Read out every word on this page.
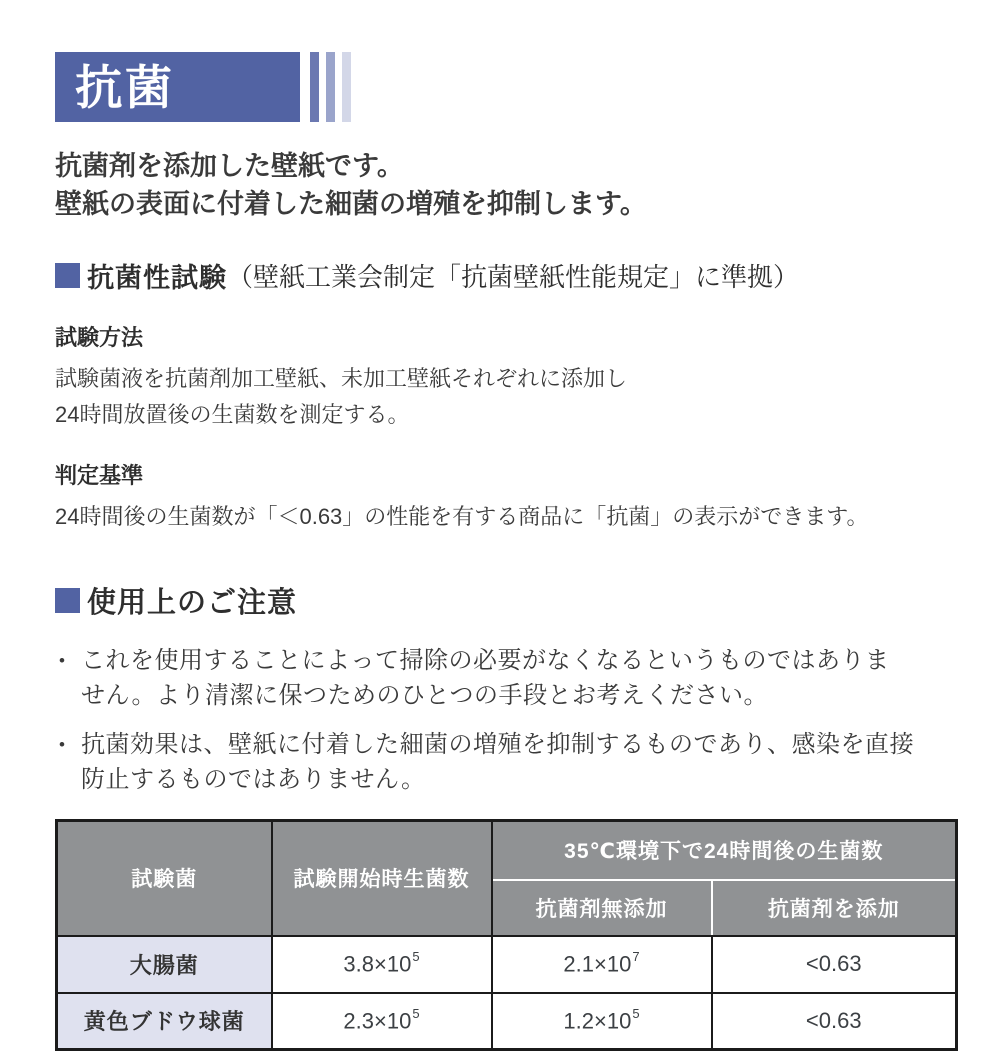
抗菌

抗菌剤を添加した壁紙です。
壁紙の表面に付着した細菌の増殖を抑制します。

抗菌性試験 （壁紙工業会制定「抗菌壁紙性能規定」に準拠）
試験方法
試験菌液を抗菌剤加工壁紙、未加工壁紙それぞれに添加し
24時間放置後の生菌数を測定する。
判定基準
24時間後の生菌数が「＜0.63」の性能を有する商品に「抗菌」の表示ができます。
使用上のご注意
• これを使用することによって掃除の必要がなくなるというものではありま
せん。より清潔に保つためのひとつの手段とお考えください。
• 抗菌効果は、壁紙に付着した細菌の増殖を抑制するものであり、感染を直接
防止するものではありません。
試験菌	試験開始時生菌数	35℃環境下で24時間後の生菌数	
		抗菌剤無添加	抗菌剤を添加
大腸菌	$3.8\times 10^5$	$2.1\times 10^7$	<0.63
黄色ブドウ球菌	$2.3\times 10^5$	$1.2\times 10^5$	<0.63
